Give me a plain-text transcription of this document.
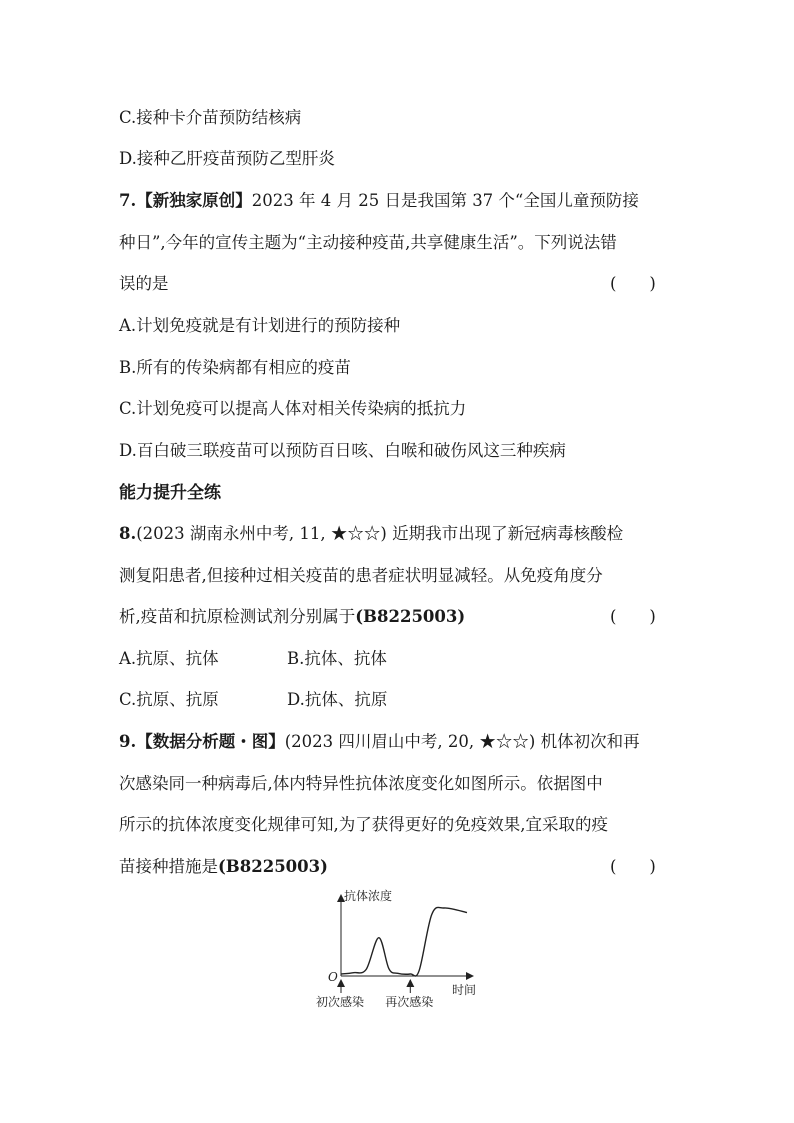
C.接种卡介苗预防结核病
D.接种乙肝疫苗预防乙型肝炎
7.【新独家原创】2023 年 4 月 25 日是我国第 37 个“全国儿童预防接
种日”,今年的宣传主题为“主动接种疫苗,共享健康生活”。下列说法错
误的是	(　　)
A.计划免疫就是有计划进行的预防接种
B.所有的传染病都有相应的疫苗
C.计划免疫可以提高人体对相关传染病的抵抗力
D.百白破三联疫苗可以预防百日咳、白喉和破伤风这三种疾病
能力提升全练
8.(2023 湖南永州中考, 11, ★☆☆) 近期我市出现了新冠病毒核酸检
测复阳患者,但接种过相关疫苗的患者症状明显减轻。从免疫角度分
析,疫苗和抗原检测试剂分别属于(B8225003)	(　　)
A.抗原、抗体	B.抗体、抗体
C.抗原、抗原	D.抗体、抗原
9.【数据分析题・图】(2023 四川眉山中考, 20, ★☆☆) 机体初次和再
次感染同一种病毒后,体内特异性抗体浓度变化如图所示。依据图中
所示的抗体浓度变化规律可知,为了获得更好的免疫效果,宜采取的疫
苗接种措施是(B8225003)	(　　)
抗体浓度
O
时间
初次感染 再次感染
